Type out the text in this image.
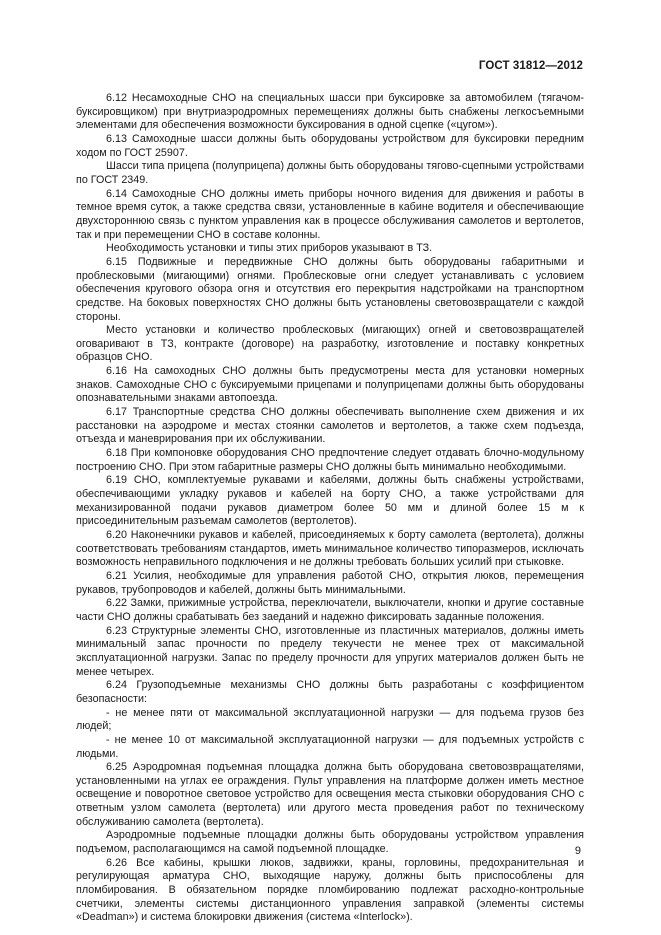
ГОСТ 31812—2012

6.12 Несамоходные СНО на специальных шасси при буксировке за автомобилем (тягачом-буксировщиком) при внутриаэродромных перемещениях должны быть снабжены легкосъемными элементами для обеспечения возможности буксирования в одной сцепке («цугом»).

6.13 Самоходные шасси должны быть оборудованы устройством для буксировки передним ходом по ГОСТ 25907.

Шасси типа прицепа (полуприцепа) должны быть оборудованы тягово-сцепными устройствами по ГОСТ 2349.

6.14 Самоходные СНО должны иметь приборы ночного видения для движения и работы в темное время суток, а также средства связи, установленные в кабине водителя и обеспечивающие двухстороннюю связь с пунктом управления как в процессе обслуживания самолетов и вертолетов, так и при перемещении СНО в составе колонны.

Необходимость установки и типы этих приборов указывают в ТЗ.

6.15 Подвижные и передвижные СНО должны быть оборудованы габаритными и проблесковыми (мигающими) огнями. Проблесковые огни следует устанавливать с условием обеспечения кругового обзора огня и отсутствия его перекрытия надстройками на транспортном средстве. На боковых поверхностях СНО должны быть установлены световозвращатели с каждой стороны.

Место установки и количество проблесковых (мигающих) огней и световозвращателей оговаривают в ТЗ, контракте (договоре) на разработку, изготовление и поставку конкретных образцов СНО.

6.16 На самоходных СНО должны быть предусмотрены места для установки номерных знаков. Самоходные СНО с буксируемыми прицепами и полуприцепами должны быть оборудованы опознавательными знаками автопоезда.

6.17 Транспортные средства СНО должны обеспечивать выполнение схем движения и их расстановки на аэродроме и местах стоянки самолетов и вертолетов, а также схем подъезда, отъезда и маневрирования при их обслуживании.

6.18 При компоновке оборудования СНО предпочтение следует отдавать блочно-модульному построению СНО. При этом габаритные размеры СНО должны быть минимально необходимыми.

6.19 СНО, комплектуемые рукавами и кабелями, должны быть снабжены устройствами, обеспечивающими укладку рукавов и кабелей на борту СНО, а также устройствами для механизированной подачи рукавов диаметром более 50 мм и длиной более 15 м к присоединительным разъемам самолетов (вертолетов).

6.20 Наконечники рукавов и кабелей, присоединяемых к борту самолета (вертолета), должны соответствовать требованиям стандартов, иметь минимальное количество типоразмеров, исключать возможность неправильного подключения и не должны требовать больших усилий при стыковке.

6.21 Усилия, необходимые для управления работой СНО, открытия люков, перемещения рукавов, трубопроводов и кабелей, должны быть минимальными.

6.22 Замки, прижимные устройства, переключатели, выключатели, кнопки и другие составные части СНО должны срабатывать без заеданий и надежно фиксировать заданные положения.

6.23 Структурные элементы СНО, изготовленные из пластичных материалов, должны иметь минимальный запас прочности по пределу текучести не менее трех от максимальной эксплуатационной нагрузки. Запас по пределу прочности для упругих материалов должен быть не менее четырех.

6.24 Грузоподъемные механизмы СНО должны быть разработаны с коэффициентом безопасности:

- не менее пяти от максимальной эксплуатационной нагрузки — для подъема грузов без людей;

- не менее 10 от максимальной эксплуатационной нагрузки — для подъемных устройств с людьми.

6.25 Аэродромная подъемная площадка должна быть оборудована световозвращателями, установленными на углах ее ограждения. Пульт управления на платформе должен иметь местное освещение и поворотное световое устройство для освещения места стыковки оборудования СНО с ответным узлом самолета (вертолета) или другого места проведения работ по техническому обслуживанию самолета (вертолета).

Аэродромные подъемные площадки должны быть оборудованы устройством управления подъемом, располагающимся на самой подъемной площадке.

6.26 Все кабины, крышки люков, задвижки, краны, горловины, предохранительная и регулирующая арматура СНО, выходящие наружу, должны быть приспособлены для пломбирования. В обязательном порядке пломбированию подлежат расходно-контрольные счетчики, элементы системы дистанционного управления заправкой (элементы системы «Deadman») и система блокировки движения (система «Interlock»).

9
